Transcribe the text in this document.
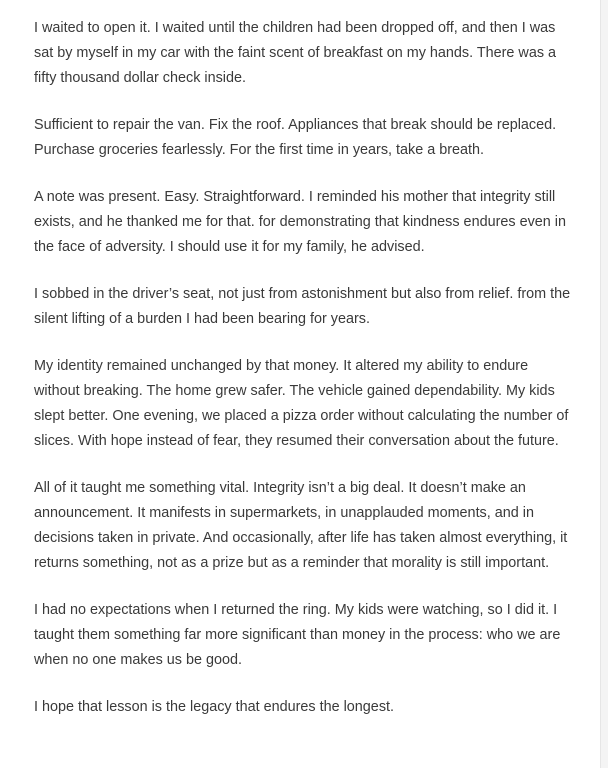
I waited to open it. I waited until the children had been dropped off, and then I was sat by myself in my car with the faint scent of breakfast on my hands. There was a fifty thousand dollar check inside.

Sufficient to repair the van. Fix the roof. Appliances that break should be replaced. Purchase groceries fearlessly. For the first time in years, take a breath.

A note was present. Easy. Straightforward. I reminded his mother that integrity still exists, and he thanked me for that. for demonstrating that kindness endures even in the face of adversity. I should use it for my family, he advised.

I sobbed in the driver’s seat, not just from astonishment but also from relief. from the silent lifting of a burden I had been bearing for years.

My identity remained unchanged by that money. It altered my ability to endure without breaking. The home grew safer. The vehicle gained dependability. My kids slept better. One evening, we placed a pizza order without calculating the number of slices. With hope instead of fear, they resumed their conversation about the future.

All of it taught me something vital. Integrity isn’t a big deal. It doesn’t make an announcement. It manifests in supermarkets, in unapplauded moments, and in decisions taken in private. And occasionally, after life has taken almost everything, it returns something, not as a prize but as a reminder that morality is still important.

I had no expectations when I returned the ring. My kids were watching, so I did it. I taught them something far more significant than money in the process: who we are when no one makes us be good.

I hope that lesson is the legacy that endures the longest.
